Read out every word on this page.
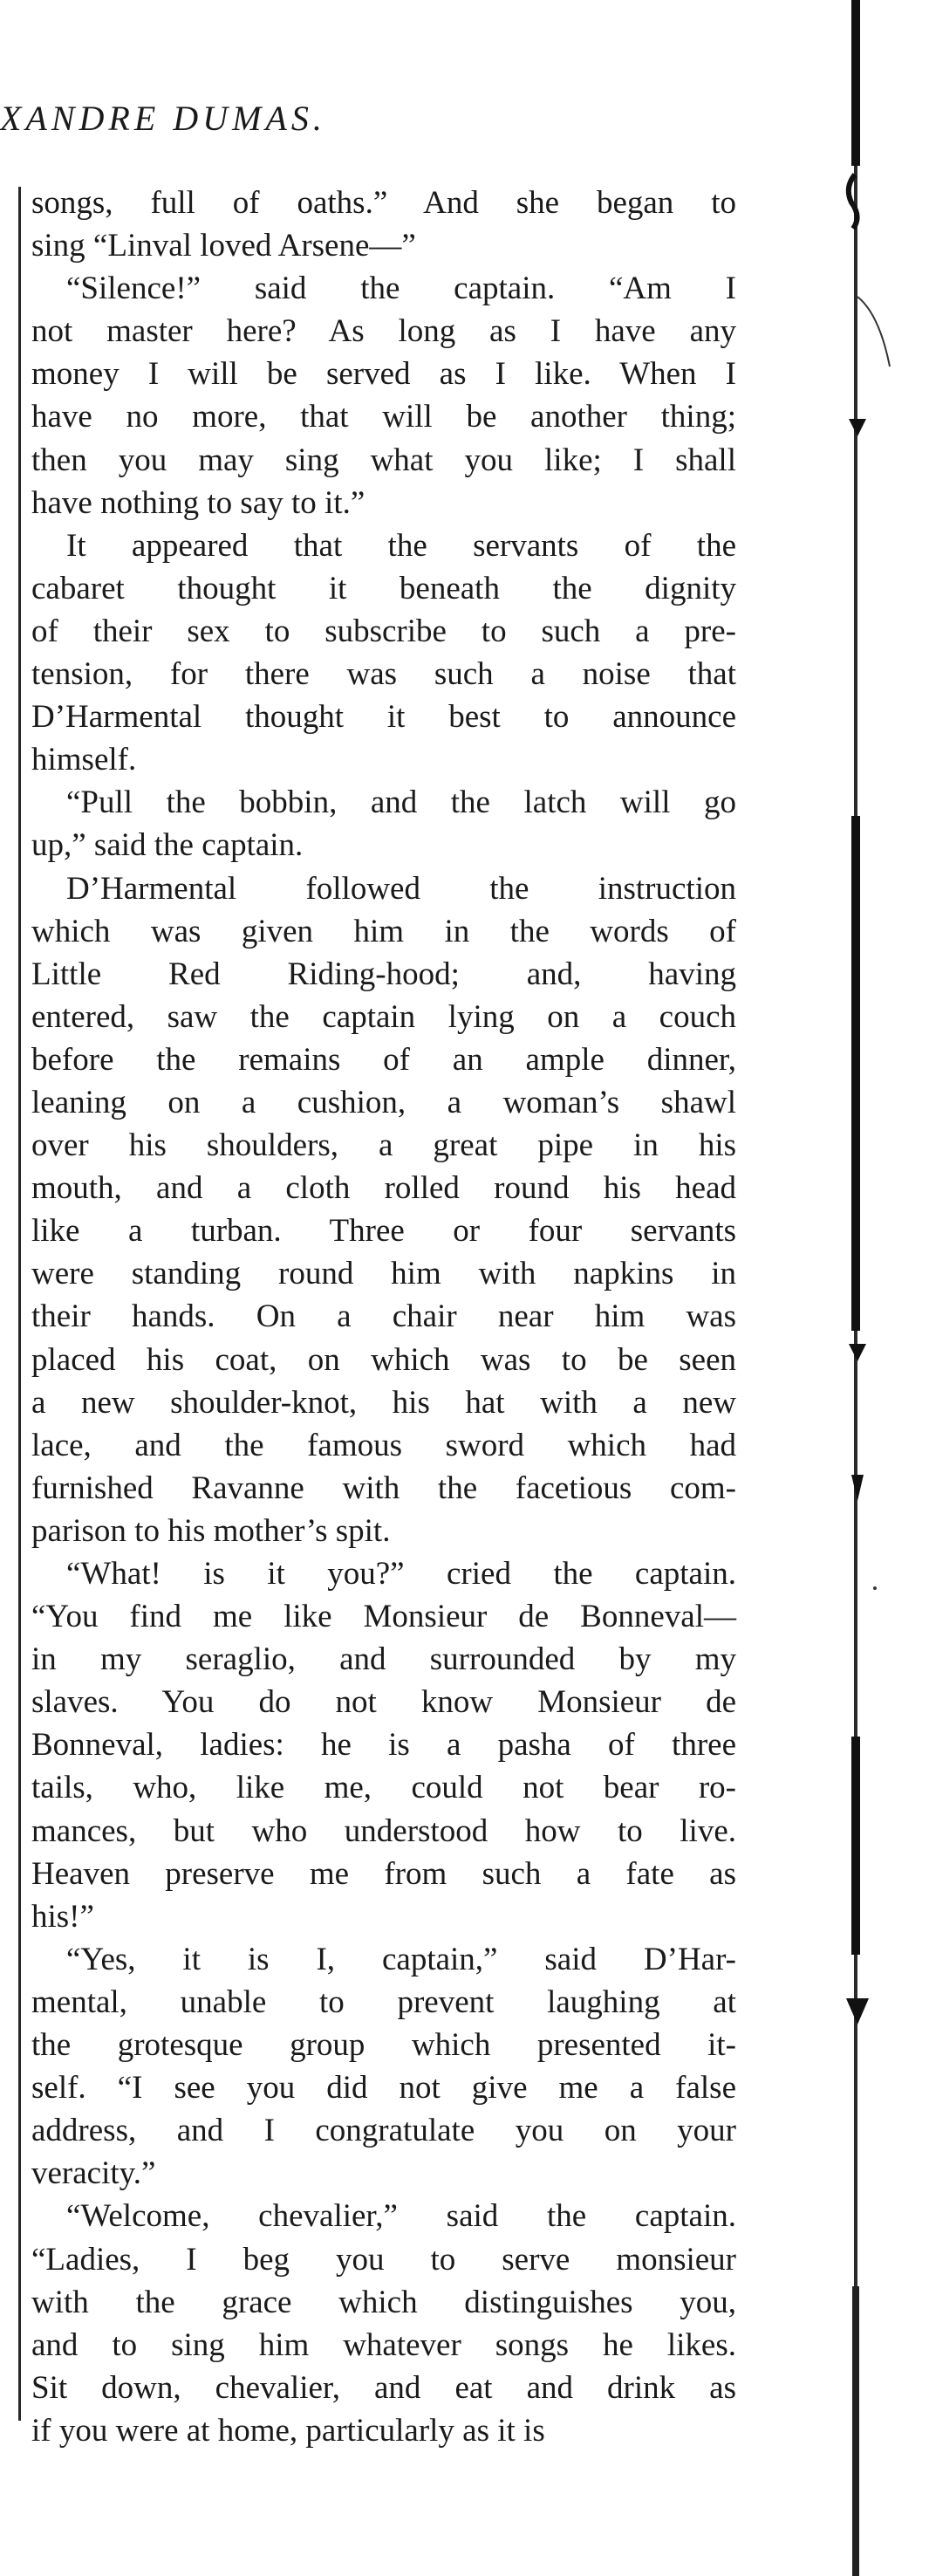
XANDRE DUMAS.
songs, full of oaths.” And she began to
sing “Linval loved Arsene—”
“Silence!” said the captain. “Am I
not master here? As long as I have any
money I will be served as I like. When I
have no more, that will be another thing;
then you may sing what you like; I shall
have nothing to say to it.”
It appeared that the servants of the
cabaret thought it beneath the dignity
of their sex to subscribe to such a pre-
tension, for there was such a noise that
D’Harmental thought it best to announce
himself.
“Pull the bobbin, and the latch will go
up,” said the captain.
D’Harmental followed the instruction
which was given him in the words of
Little Red Riding-hood; and, having
entered, saw the captain lying on a couch
before the remains of an ample dinner,
leaning on a cushion, a woman’s shawl
over his shoulders, a great pipe in his
mouth, and a cloth rolled round his head
like a turban. Three or four servants
were standing round him with napkins in
their hands. On a chair near him was
placed his coat, on which was to be seen
a new shoulder-knot, his hat with a new
lace, and the famous sword which had
furnished Ravanne with the facetious com-
parison to his mother’s spit.
“What! is it you?” cried the captain.
“You find me like Monsieur de Bonneval—
in my seraglio, and surrounded by my
slaves. You do not know Monsieur de
Bonneval, ladies: he is a pasha of three
tails, who, like me, could not bear ro-
mances, but who understood how to live.
Heaven preserve me from such a fate as
his!”
“Yes, it is I, captain,” said D’Har-
mental, unable to prevent laughing at
the grotesque group which presented it-
self. “I see you did not give me a false
address, and I congratulate you on your
veracity.”
“Welcome, chevalier,” said the captain.
“Ladies, I beg you to serve monsieur
with the grace which distinguishes you,
and to sing him whatever songs he likes.
Sit down, chevalier, and eat and drink as
if you were at home, particularly as it is
